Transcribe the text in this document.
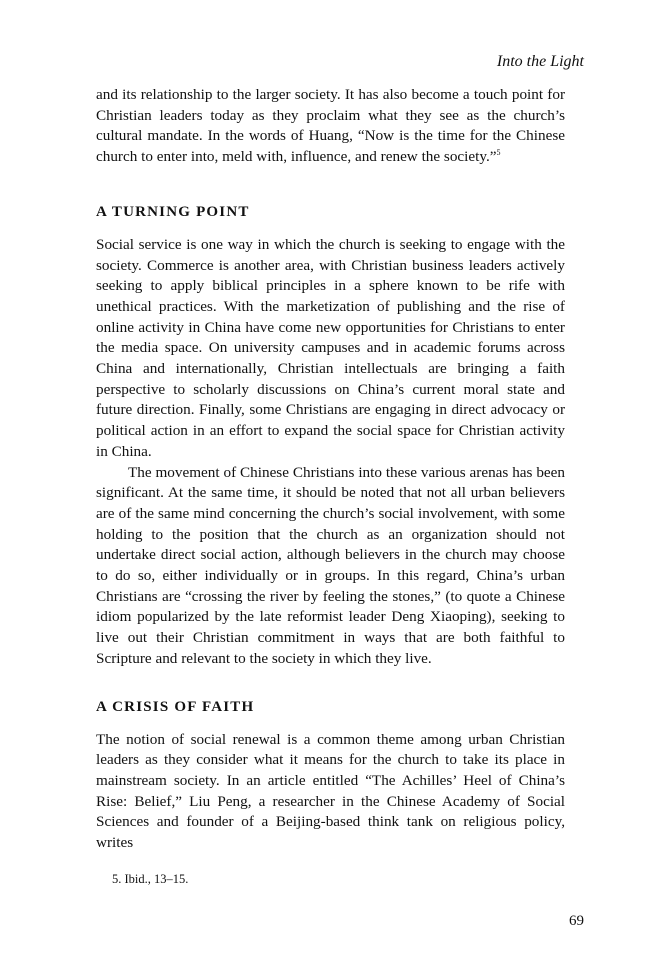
Into the Light

and its relationship to the larger society. It has also become a touch point for Christian leaders today as they proclaim what they see as the church’s cultural mandate. In the words of Huang, “Now is the time for the Chinese church to enter into, meld with, influence, and renew the society.”$^5$

A TURNING POINT

Social service is one way in which the church is seeking to engage with the society. Commerce is another area, with Christian business leaders actively seeking to apply biblical principles in a sphere known to be rife with unethical practices. With the marketization of publishing and the rise of online activity in China have come new opportunities for Christians to enter the media space. On university campuses and in academic forums across China and internationally, Christian intellectuals are bringing a faith perspective to scholarly discussions on China’s current moral state and future direction. Finally, some Christians are engaging in direct advocacy or political action in an effort to expand the social space for Christian activity in China.

The movement of Chinese Christians into these various arenas has been significant. At the same time, it should be noted that not all urban believers are of the same mind concerning the church’s social involvement, with some holding to the position that the church as an organization should not undertake direct social action, although believers in the church may choose to do so, either individually or in groups. In this regard, China’s urban Christians are “crossing the river by feeling the stones,” (to quote a Chinese idiom popularized by the late reformist leader Deng Xiaoping), seeking to live out their Christian commitment in ways that are both faithful to Scripture and relevant to the society in which they live.

A CRISIS OF FAITH

The notion of social renewal is a common theme among urban Christian leaders as they consider what it means for the church to take its place in mainstream society. In an article entitled “The Achilles’ Heel of China’s Rise: Belief,” Liu Peng, a researcher in the Chinese Academy of Social Sciences and founder of a Beijing-based think tank on religious policy, writes

5. Ibid., 13–15.
69
